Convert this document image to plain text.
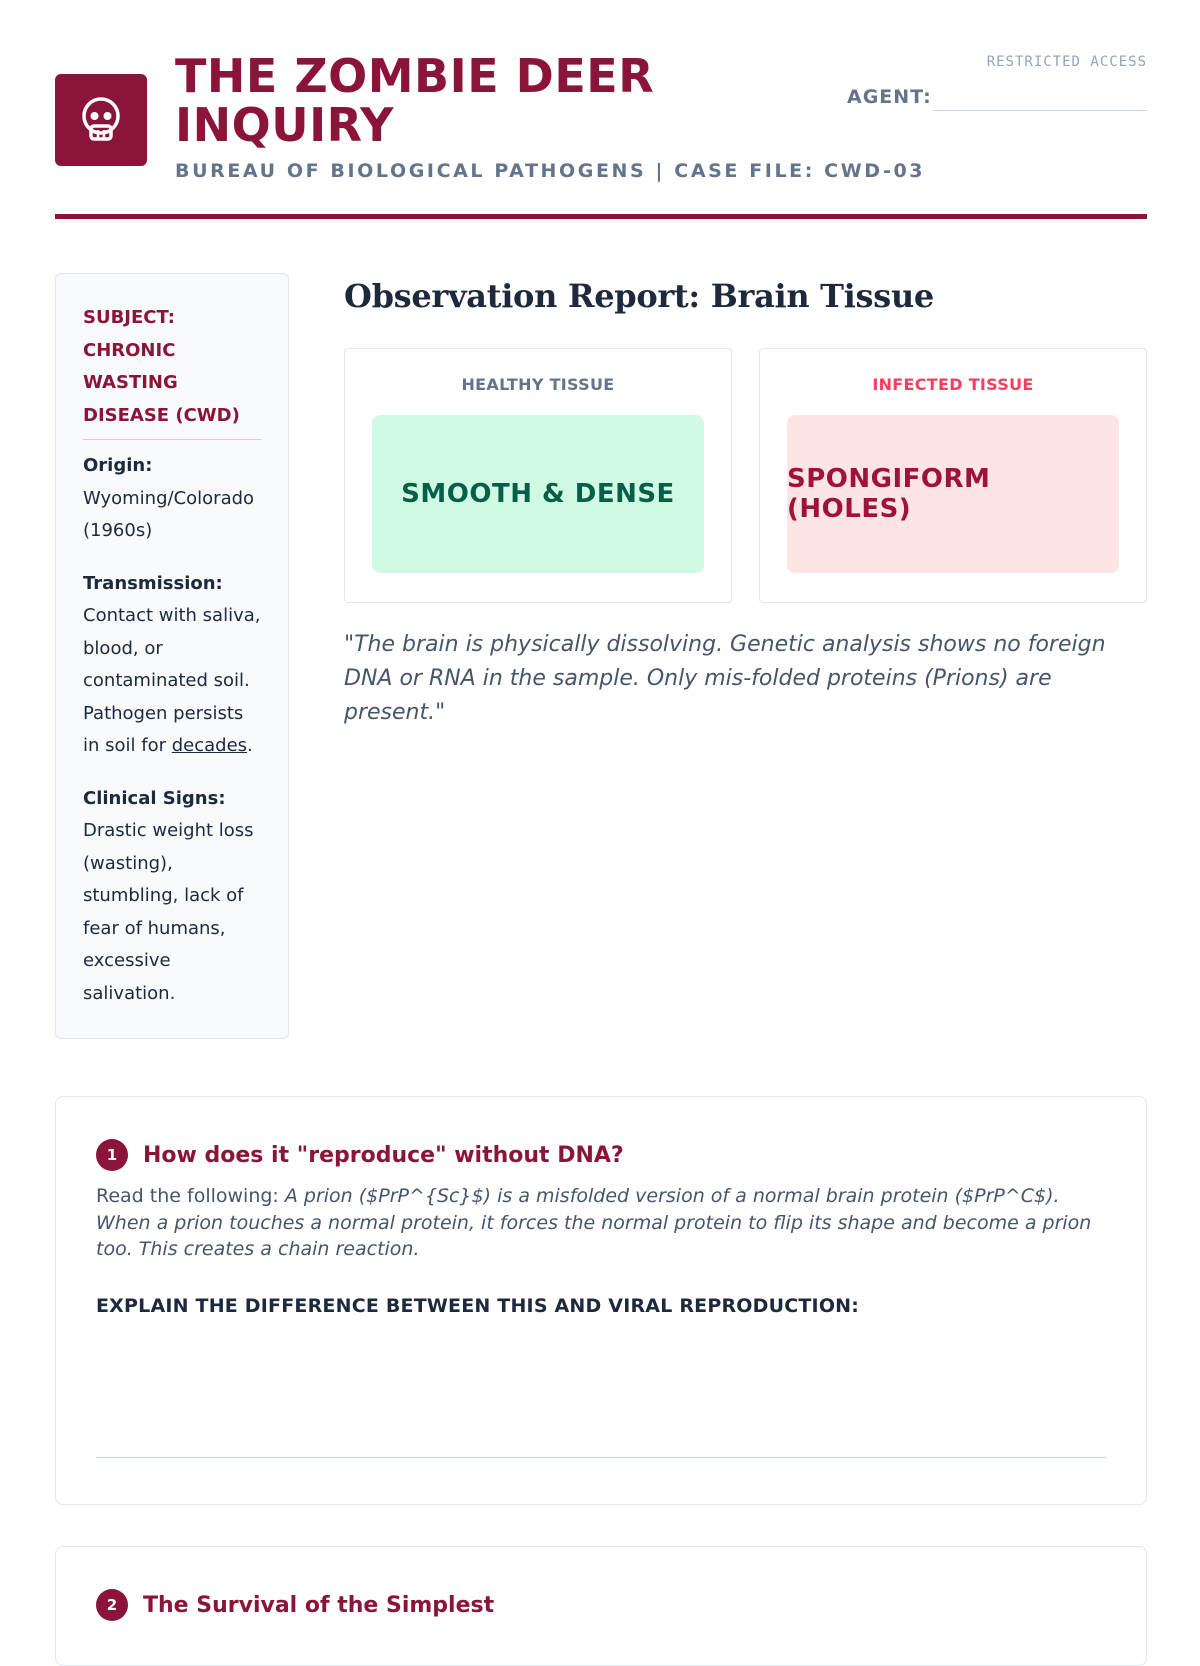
THE ZOMBIE DEER INQUIRY
BUREAU OF BIOLOGICAL PATHOGENS | CASE FILE: CWD-03
RESTRICTED ACCESS
AGENT:
SUBJECT: CHRONIC WASTING DISEASE (CWD)
Origin:
Wyoming/Colorado (1960s)
Transmission:
Contact with saliva, blood, or contaminated soil. Pathogen persists in soil for decades.
Clinical Signs:
Drastic weight loss (wasting), stumbling, lack of fear of humans, excessive salivation.
Observation Report: Brain Tissue
HEALTHY TISSUE
SMOOTH & DENSE
INFECTED TISSUE
SPONGIFORM (HOLES)
"The brain is physically dissolving. Genetic analysis shows no foreign DNA or RNA in the sample. Only mis-folded proteins (Prions) are present."
1	How does it "reproduce" without DNA?
Read the following: A prion ($PrP^{Sc}$) is a misfolded version of a normal brain protein ($PrP^C$). When a prion touches a normal protein, it forces the normal protein to flip its shape and become a prion too. This creates a chain reaction.
EXPLAIN THE DIFFERENCE BETWEEN THIS AND VIRAL REPRODUCTION:
2	The Survival of the Simplest
